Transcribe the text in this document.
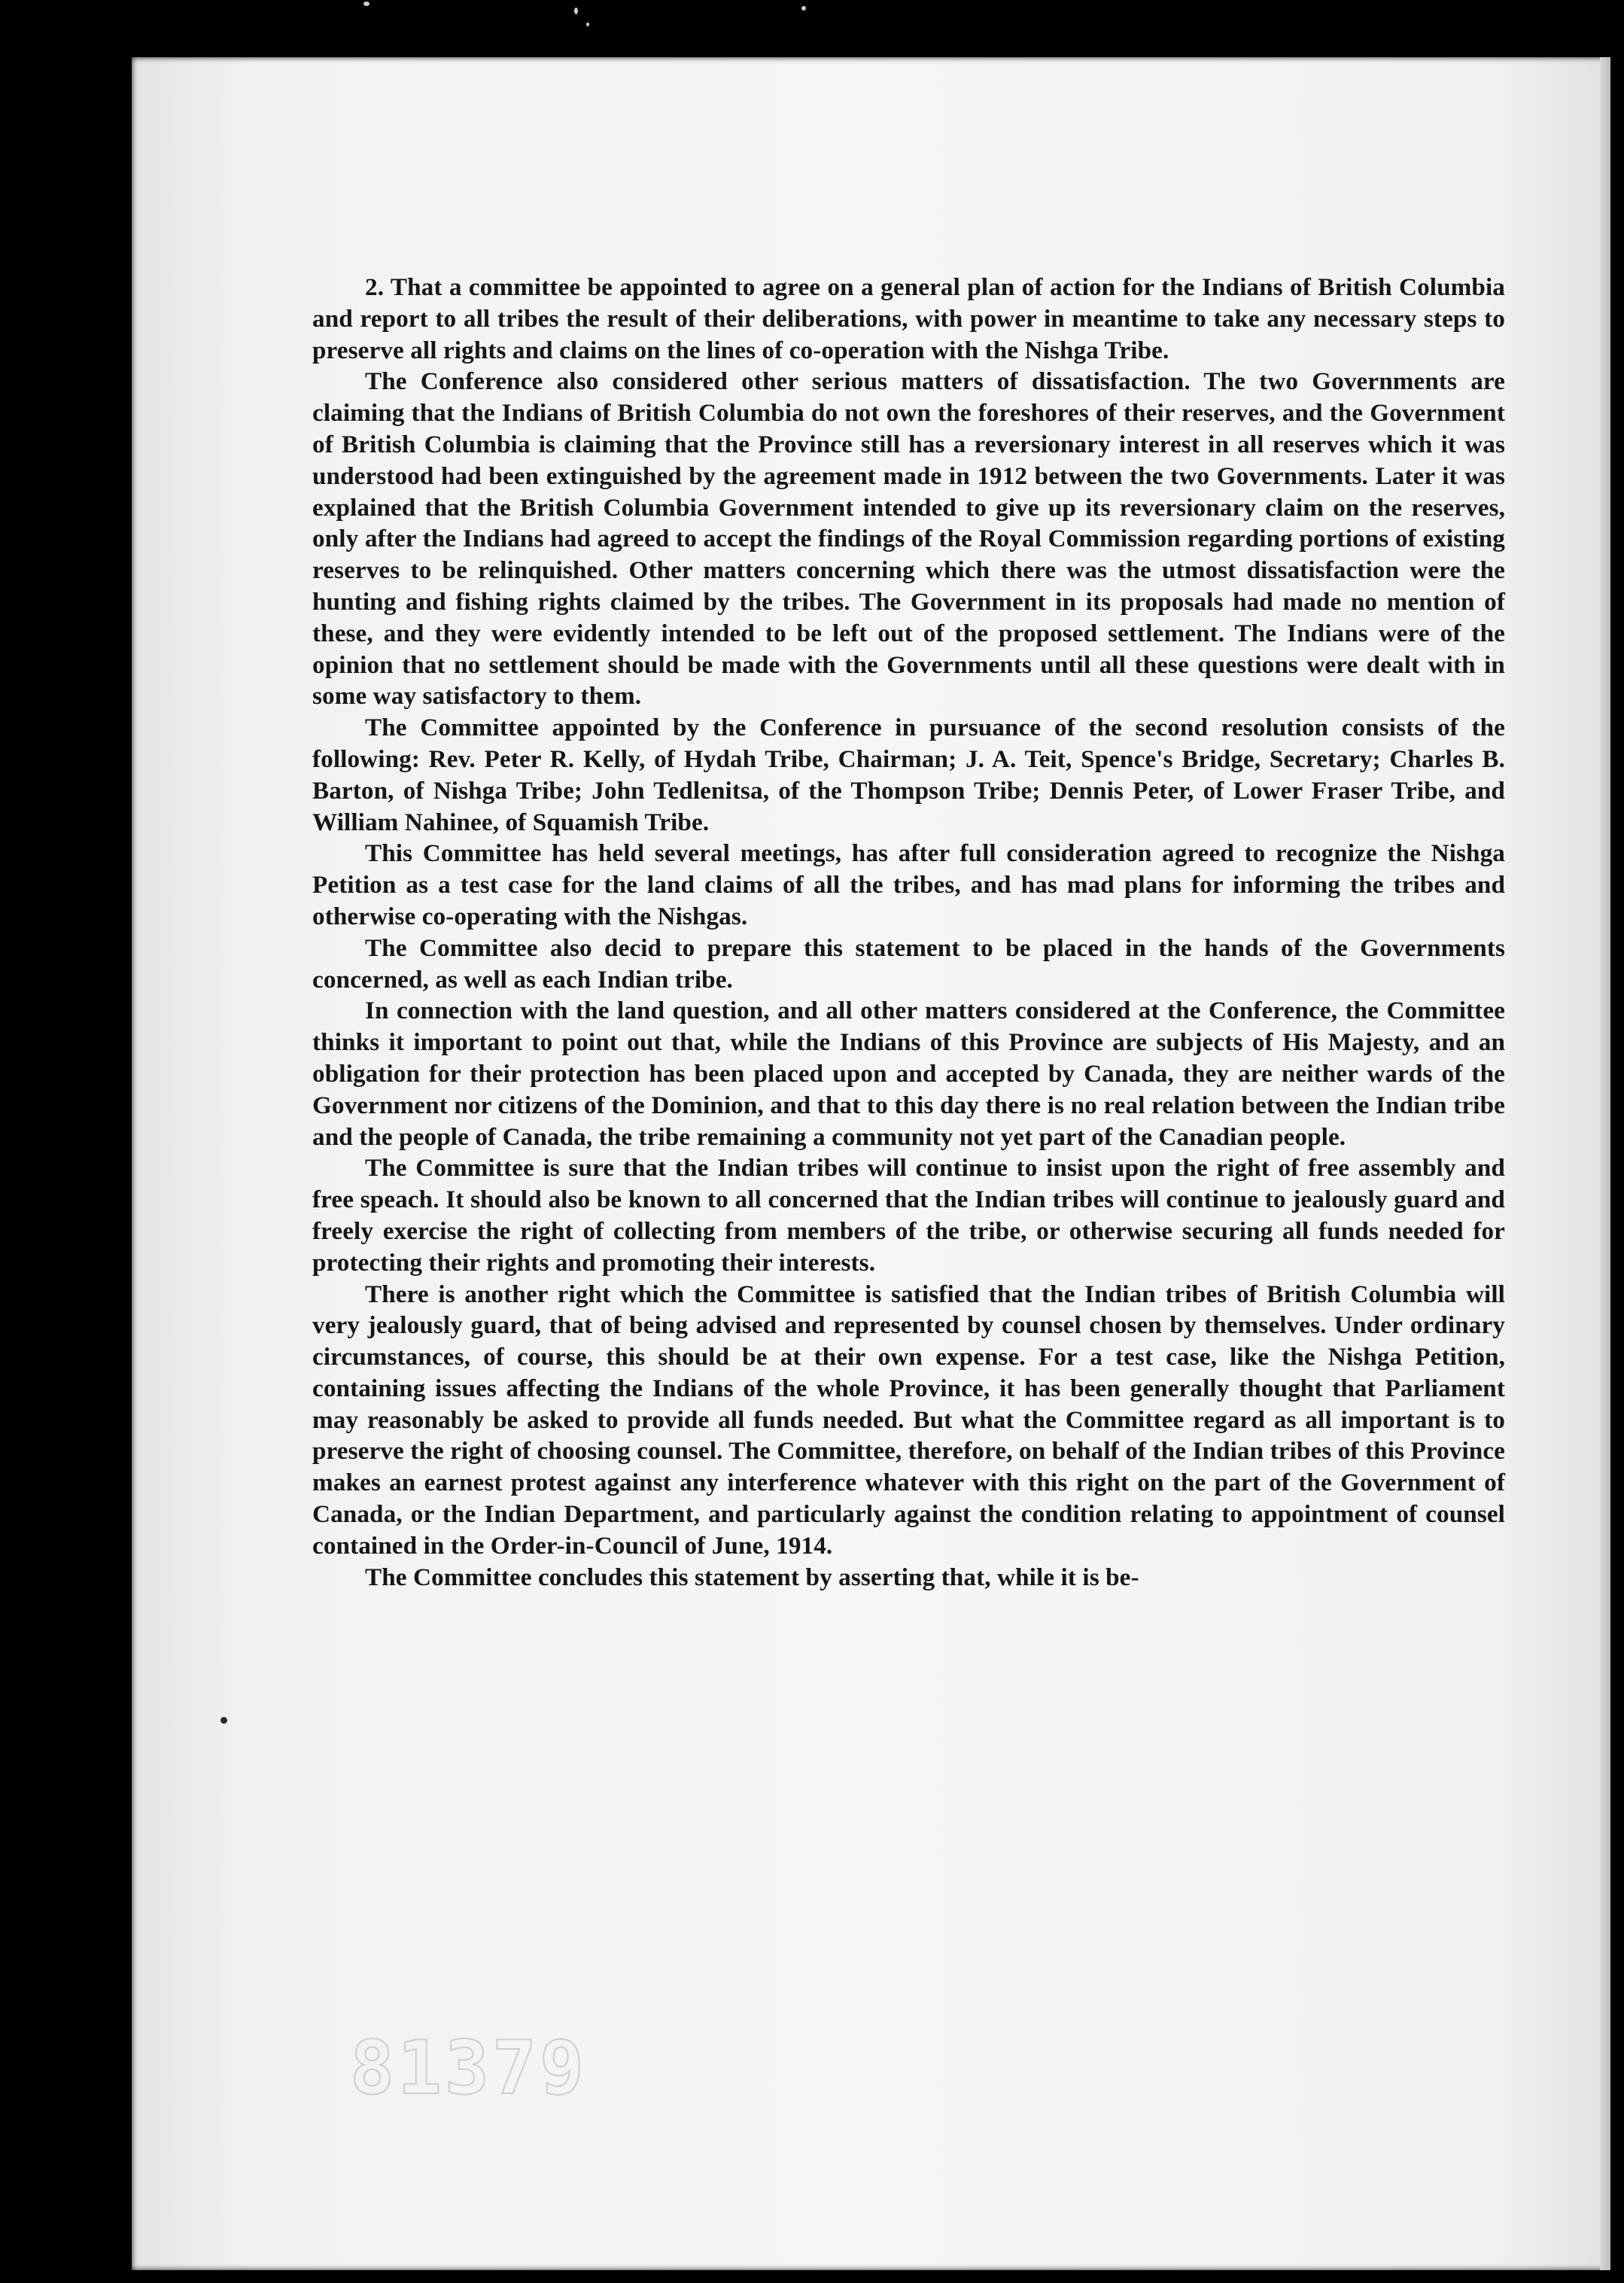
2. That a committee be appointed to agree on a general plan of action for the Indians of British Columbia and report to all tribes the result of their deliberations, with power in meantime to take any necessary steps to preserve all rights and claims on the lines of co-operation with the Nishga Tribe.

The Conference also considered other serious matters of dissatisfaction. The two Governments are claiming that the Indians of British Columbia do not own the foreshores of their reserves, and the Government of British Columbia is claiming that the Province still has a reversionary interest in all reserves which it was understood had been extinguished by the agreement made in 1912 between the two Governments. Later it was explained that the British Columbia Government intended to give up its reversionary claim on the reserves, only after the Indians had agreed to accept the findings of the Royal Commission regarding portions of existing reserves to be relinquished. Other matters concerning which there was the utmost dissatisfaction were the hunting and fishing rights claimed by the tribes. The Government in its proposals had made no mention of these, and they were evidently intended to be left out of the proposed settlement. The Indians were of the opinion that no settlement should be made with the Governments until all these questions were dealt with in some way satisfactory to them.

The Committee appointed by the Conference in pursuance of the second resolution consists of the following: Rev. Peter R. Kelly, of Hydah Tribe, Chairman; J. A. Teit, Spence's Bridge, Secretary; Charles B. Barton, of Nishga Tribe; John Tedlenitsa, of the Thompson Tribe; Dennis Peter, of Lower Fraser Tribe, and William Nahinee, of Squamish Tribe.

This Committee has held several meetings, has after full consideration agreed to recognize the Nishga Petition as a test case for the land claims of all the tribes, and has mad plans for informing the tribes and otherwise co-operating with the Nishgas.

The Committee also decid to prepare this statement to be placed in the hands of the Governments concerned, as well as each Indian tribe.

In connection with the land question, and all other matters considered at the Conference, the Committee thinks it important to point out that, while the Indians of this Province are subjects of His Majesty, and an obligation for their protection has been placed upon and accepted by Canada, they are neither wards of the Government nor citizens of the Dominion, and that to this day there is no real relation between the Indian tribe and the people of Canada, the tribe remaining a community not yet part of the Canadian people.

The Committee is sure that the Indian tribes will continue to insist upon the right of free assembly and free speach. It should also be known to all concerned that the Indian tribes will continue to jealously guard and freely exercise the right of collecting from members of the tribe, or otherwise securing all funds needed for protecting their rights and promoting their interests.

There is another right which the Committee is satisfied that the Indian tribes of British Columbia will very jealously guard, that of being advised and represented by counsel chosen by themselves. Under ordinary circumstances, of course, this should be at their own expense. For a test case, like the Nishga Petition, containing issues affecting the Indians of the whole Province, it has been generally thought that Parliament may reasonably be asked to provide all funds needed. But what the Committee regard as all important is to preserve the right of choosing counsel. The Committee, therefore, on behalf of the Indian tribes of this Province makes an earnest protest against any interference whatever with this right on the part of the Government of Canada, or the Indian Department, and particularly against the condition relating to appointment of counsel contained in the Order-in-Council of June, 1914.

The Committee concludes this statement by asserting that, while it is be-

81379
